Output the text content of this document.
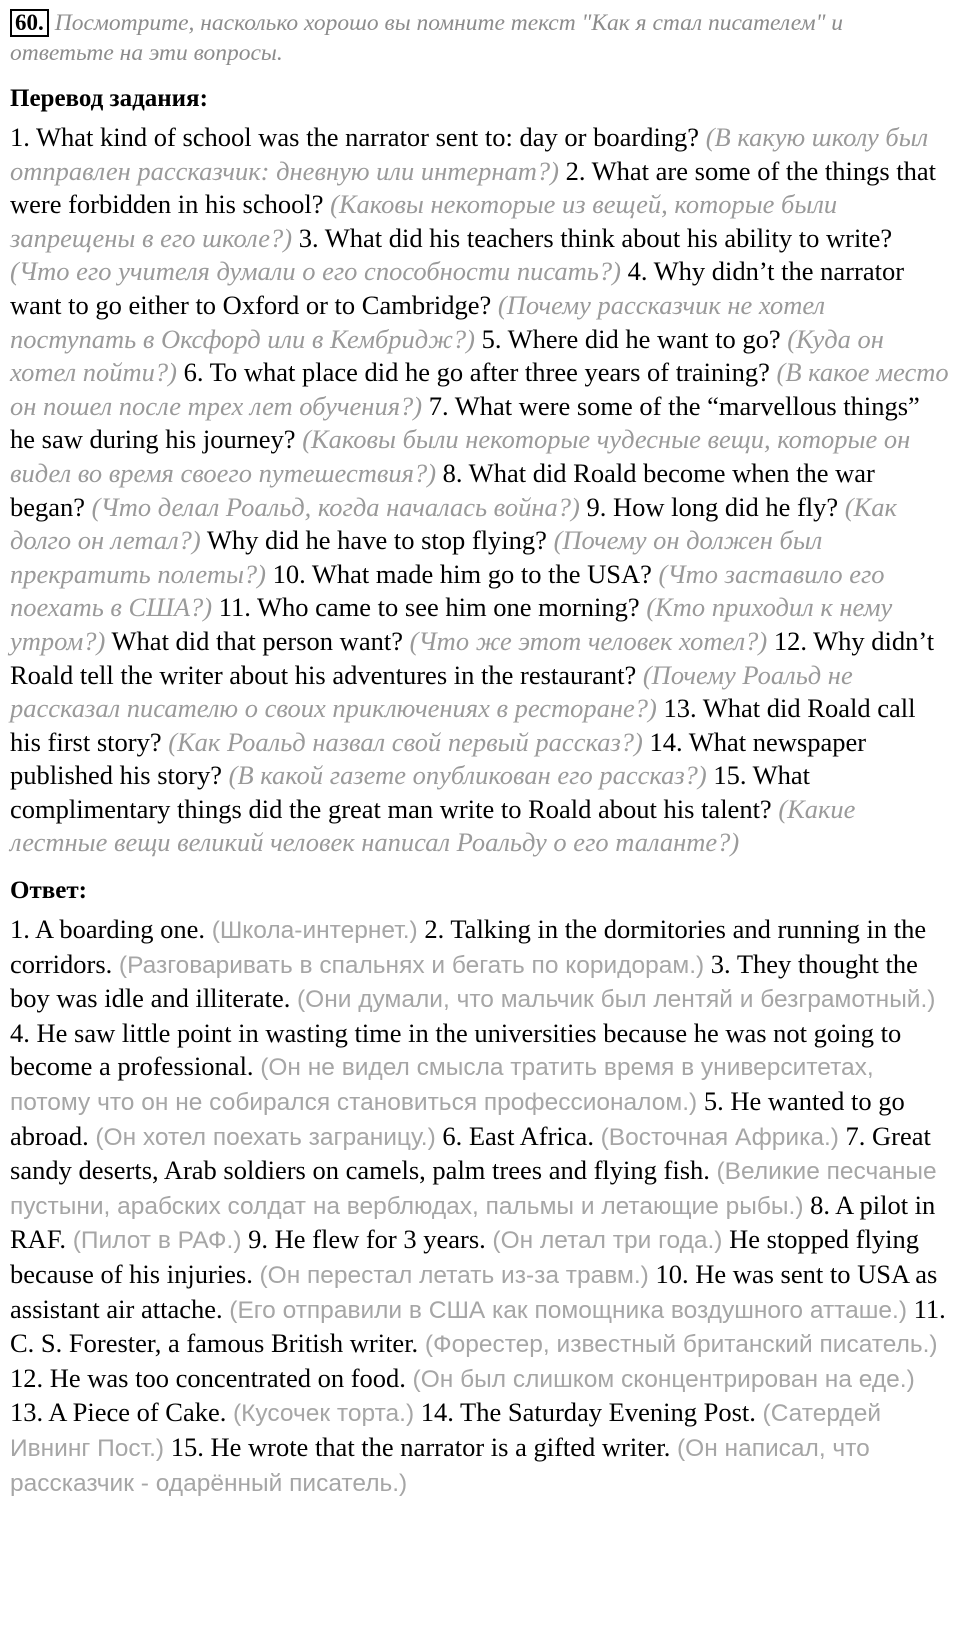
60. Посмотрите, насколько хорошо вы помните текст "Как я стал писателем" и ответьте на эти вопросы.
Перевод задания:
1. What kind of school was the narrator sent to: day or boarding? (В какую школу был отправлен рассказчик: дневную или интернат?) 2. What are some of the things that were forbidden in his school? (Каковы некоторые из вещей, которые были запрещены в его школе?) 3. What did his teachers think about his ability to write? (Что его учителя думали о его способности писать?) 4. Why didn’t the narrator want to go either to Oxford or to Cambridge? (Почему рассказчик не хотел поступать в Оксфорд или в Кембридж?) 5. Where did he want to go? (Куда он хотел пойти?) 6. To what place did he go after three years of training? (В какое место он пошел после трех лет обучения?) 7. What were some of the “marvellous things” he saw during his journey? (Каковы были некоторые чудесные вещи, которые он видел во время своего путешествия?) 8. What did Roald become when the war began? (Что делал Роальд, когда началась война?) 9. How long did he fly? (Как долго он летал?) Why did he have to stop flying? (Почему он должен был прекратить полеты?) 10. What made him go to the USA? (Что заставило его поехать в США?) 11. Who came to see him one morning? (Кто приходил к нему утром?) What did that person want? (Что же этот человек хотел?) 12. Why didn’t Roald tell the writer about his adventures in the restaurant? (Почему Роальд не рассказал писателю о своих приключениях в ресторане?) 13. What did Roald call his first story? (Как Роальд назвал свой первый рассказ?) 14. What newspaper published his story? (В какой газете опубликован его рассказ?) 15. What complimentary things did the great man write to Roald about his talent? (Какие лестные вещи великий человек написал Роальду о его таланте?)
Ответ:
1. A boarding one. (Школа-интернет.) 2. Talking in the dormitories and running in the corridors. (Разговаривать в спальнях и бегать по коридорам.) 3. They thought the boy was idle and illiterate. (Они думали, что мальчик был лентяй и безграмотный.) 4. He saw little point in wasting time in the universities because he was not going to become a professional. (Он не видел смысла тратить время в университетах, потому что он не собирался становиться профессионалом.) 5. He wanted to go abroad. (Он хотел поехать заграницу.) 6. East Africa. (Восточная Африка.) 7. Great sandy deserts, Arab soldiers on camels, palm trees and flying fish. (Великие песчаные пустыни, арабских солдат на верблюдах, пальмы и летающие рыбы.) 8. A pilot in RAF. (Пилот в РАФ.) 9. He flew for 3 years. (Он летал три года.) He stopped flying because of his injuries. (Он перестал летать из-за травм.) 10. He was sent to USA as assistant air attache. (Его отправили в США как помощника воздушного атташе.) 11. C. S. Forester, a famous British writer. (Форестер, известный британский писатель.) 12. He was too concentrated on food. (Он был слишком сконцентрирован на еде.) 13. A Piece of Cake. (Кусочек торта.) 14. The Saturday Evening Post. (Сатердей Ивнинг Пост.) 15. He wrote that the narrator is a gifted writer. (Он написал, что рассказчик - одарённый писатель.)
